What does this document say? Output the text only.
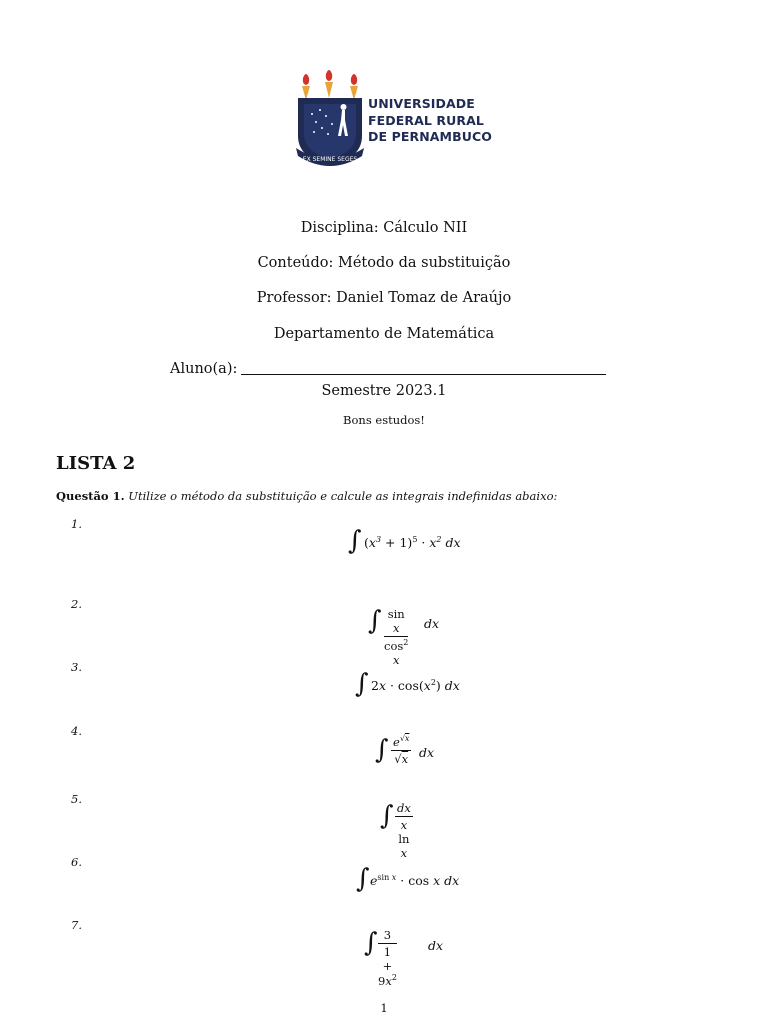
EX SEMINE SEGES
UNIVERSIDADE
FEDERAL RURAL
DE PERNAMBUCO
Disciplina: Cálculo NII
Conteúdo: Método da substituição
Professor: Daniel Tomaz de Araújo
Departamento de Matemática
Aluno(a):
Semestre 2023.1
Bons estudos!
LISTA 2
Questão 1. Utilize o método da substituição e calcule as integrais indefinidas abaixo:
1.
∫ $(x^3 + 1)^5 \cdot x^2$ dx
2.
∫ $\frac{\text{sin x}}{\cos^2 x}$ dx
3.
∫ $2x \cdot \cos(x^2)$ dx
4.
∫ $\frac{e^{√x}}{√x}$ dx
5.
∫ $\frac{dx}{\text{x ln x}}$
6.
∫ $e^{sin x} \cdot \cos x$ dx
7.
∫ $\frac{3}{1 + 9x^2}$ dx
1
